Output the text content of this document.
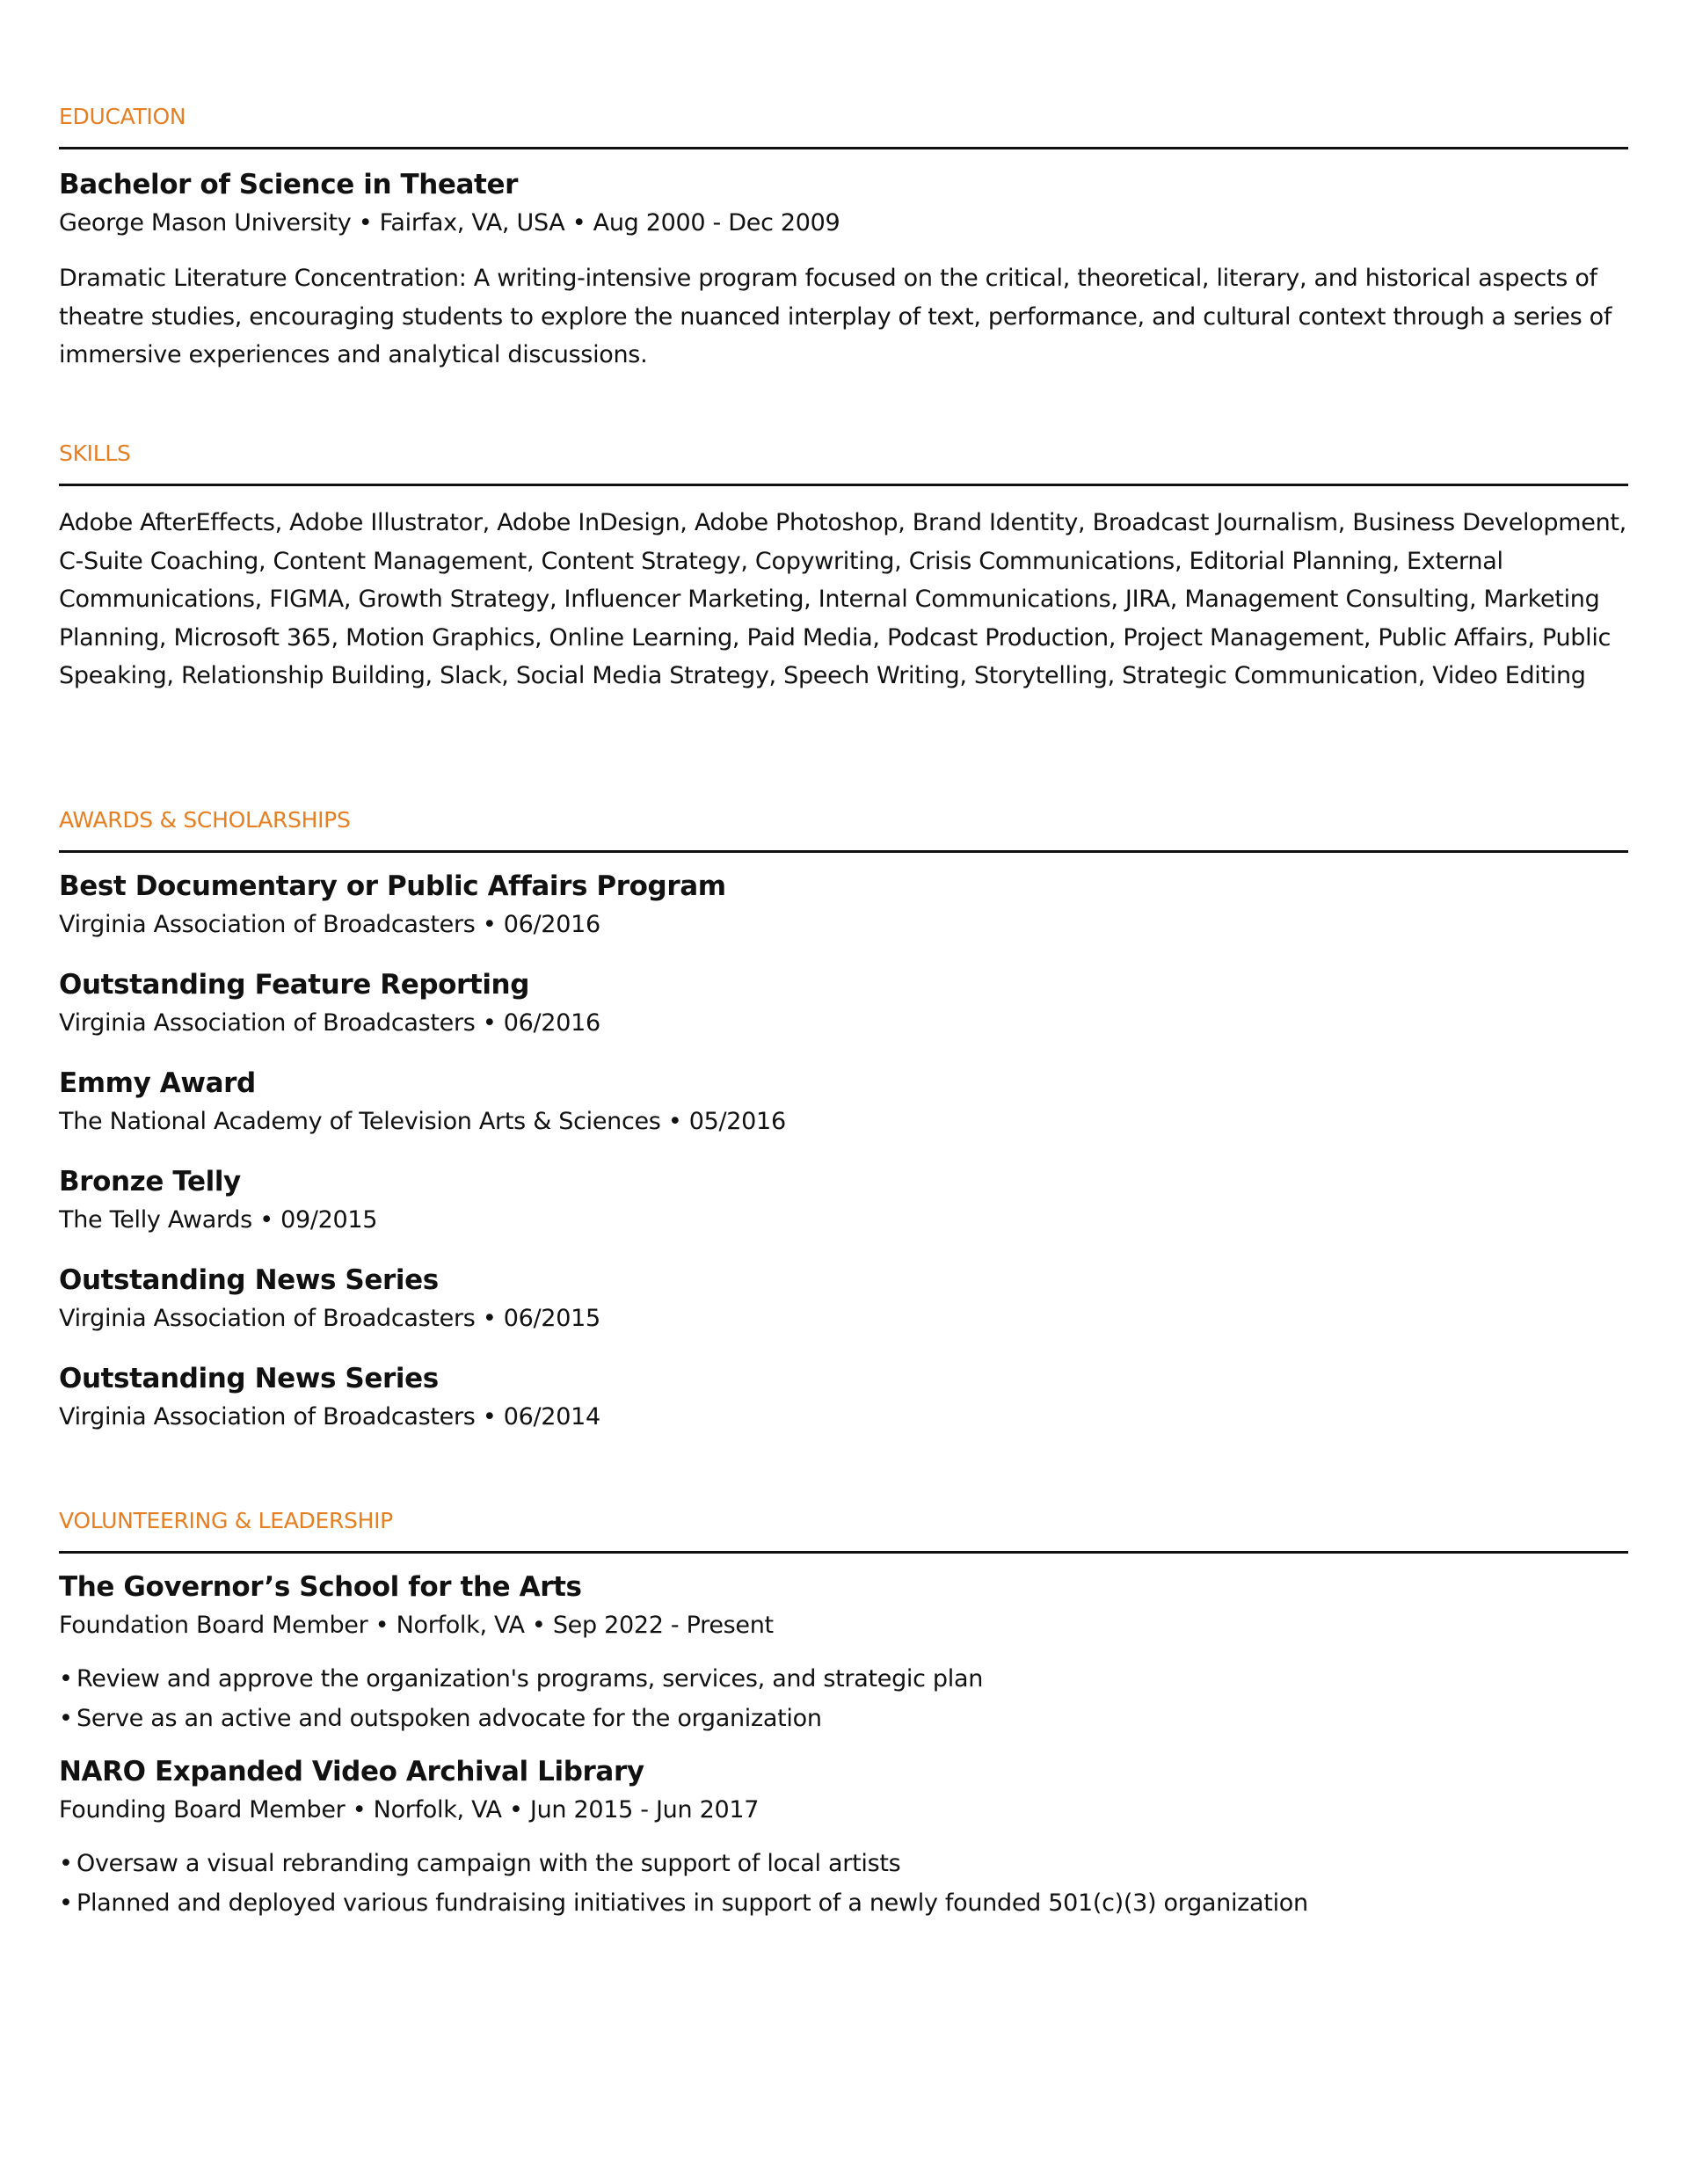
EDUCATION
Bachelor of Science in Theater
George Mason University • Fairfax, VA, USA • Aug 2000 - Dec 2009
Dramatic Literature Concentration: A writing-intensive program focused on the critical, theoretical, literary, and historical aspects of theatre studies, encouraging students to explore the nuanced interplay of text, performance, and cultural context through a series of immersive experiences and analytical discussions.
SKILLS
Adobe AfterEffects, Adobe Illustrator, Adobe InDesign, Adobe Photoshop, Brand Identity, Broadcast Journalism, Business Development, C-Suite Coaching, Content Management, Content Strategy, Copywriting, Crisis Communications, Editorial Planning, External Communications, FIGMA, Growth Strategy, Influencer Marketing, Internal Communications, JIRA, Management Consulting, Marketing Planning, Microsoft 365, Motion Graphics, Online Learning, Paid Media, Podcast Production, Project Management, Public Affairs, Public Speaking, Relationship Building, Slack, Social Media Strategy, Speech Writing, Storytelling, Strategic Communication, Video Editing
AWARDS & SCHOLARSHIPS
Best Documentary or Public Affairs Program
Virginia Association of Broadcasters • 06/2016
Outstanding Feature Reporting
Virginia Association of Broadcasters • 06/2016
Emmy Award
The National Academy of Television Arts & Sciences • 05/2016
Bronze Telly
The Telly Awards • 09/2015
Outstanding News Series
Virginia Association of Broadcasters • 06/2015
Outstanding News Series
Virginia Association of Broadcasters • 06/2014
VOLUNTEERING & LEADERSHIP
The Governor’s School for the Arts
Foundation Board Member • Norfolk, VA • Sep 2022 - Present
• Review and approve the organization's programs, services, and strategic plan
• Serve as an active and outspoken advocate for the organization
NARO Expanded Video Archival Library
Founding Board Member • Norfolk, VA • Jun 2015 - Jun 2017
• Oversaw a visual rebranding campaign with the support of local artists
• Planned and deployed various fundraising initiatives in support of a newly founded 501(c)(3) organization
